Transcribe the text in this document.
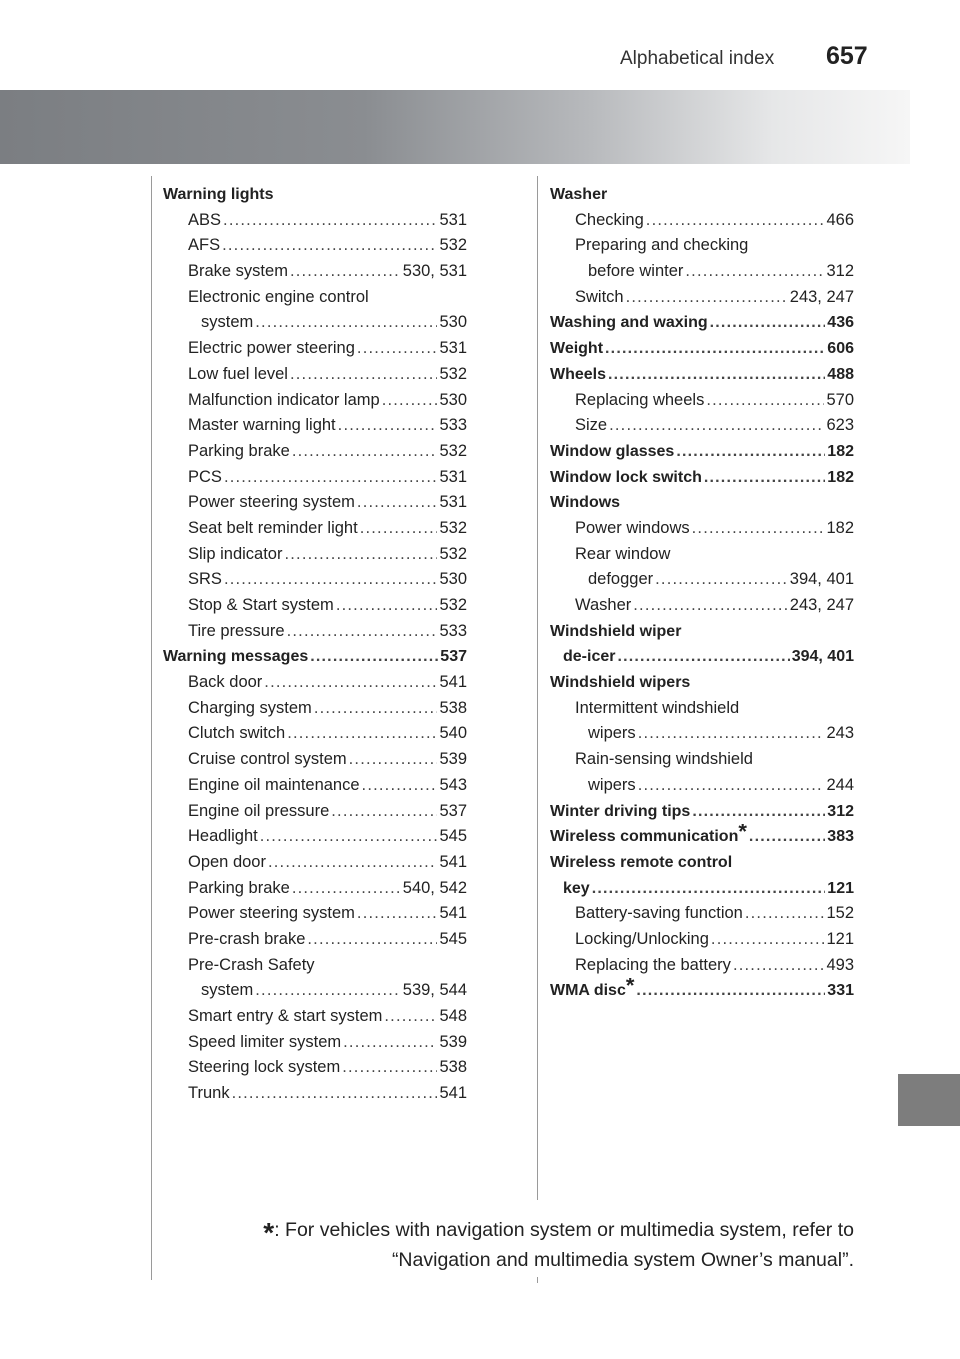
Alphabetical index 657
Warning lights
ABS .....	531
AFS .....	532
Brake system .....	530, 531
Electronic engine control
system .....	530
Electric power steering .....	531
Low fuel level .....	532
Malfunction indicator lamp .....	530
Master warning light .....	533
Parking brake .....	532
PCS .....	531
Power steering system .....	531
Seat belt reminder light .....	532
Slip indicator .....	532
SRS .....	530
Stop & Start system .....	532
Tire pressure .....	533
Warning messages .....	537
Back door .....	541
Charging system .....	538
Clutch switch .....	540
Cruise control system .....	539
Engine oil maintenance .....	543
Engine oil pressure .....	537
Headlight .....	545
Open door .....	541
Parking brake .....	540, 542
Power steering system .....	541
Pre-crash brake .....	545
Pre-Crash Safety
system .....	539, 544
Smart entry & start system .....	548
Speed limiter system .....	539
Steering lock system .....	538
Trunk .....	541
Washer
Checking .....	466
Preparing and checking
before winter .....	312
Switch .....	243, 247
Washing and waxing .....	436
Weight .....	606
Wheels .....	488
Replacing wheels .....	570
Size .....	623
Window glasses .....	182
Window lock switch .....	182
Windows
Power windows .....	182
Rear window
defogger .....	394, 401
Washer .....	243, 247
Windshield wiper
de-icer .....	394, 401
Windshield wipers
Intermittent windshield
wipers .....	243
Rain-sensing windshield
wipers .....	244
Winter driving tips .....	312
Wireless communication* .....	383
Wireless remote control
key .....	121
Battery-saving function .....	152
Locking/Unlocking .....	121
Replacing the battery .....	493
WMA disc* .....	331
*: For vehicles with navigation system or multimedia system, refer to
“Navigation and multimedia system Owner’s manual”.
